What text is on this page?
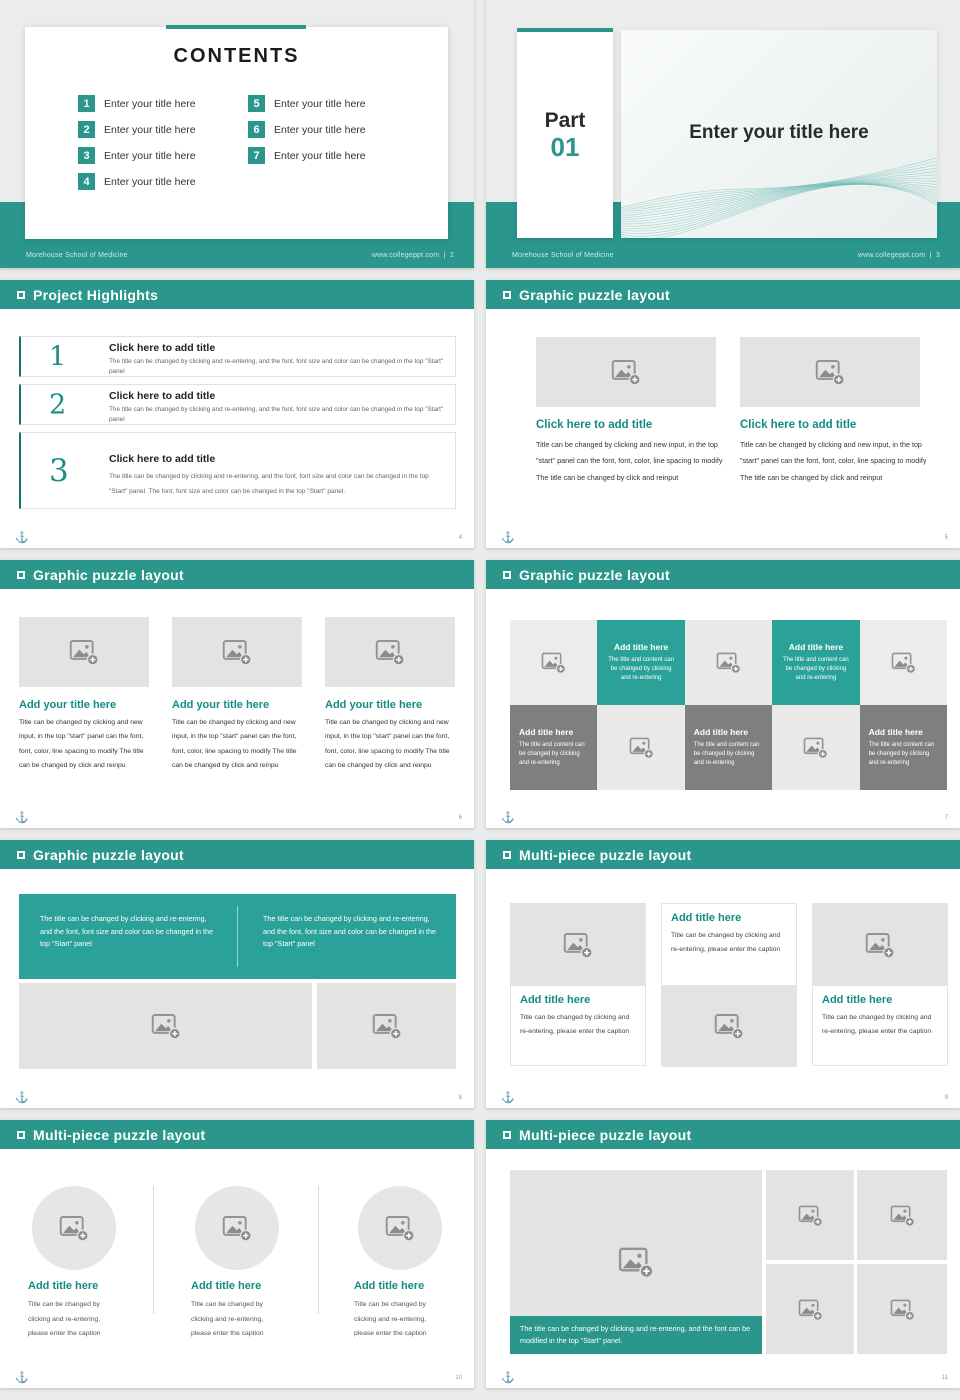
CONTENTS
1	Enter your title here
2	Enter your title here
3	Enter your title here
4	Enter your title here
5	Enter your title here
6	Enter your title here
7	Enter your title here
Morehouse School of Medicine	www.collegeppt.com | 2
Part
01	Enter your title here
Morehouse School of Medicine	www.collegeppt.com | 3
Project Highlights
1	Click here to add title
The title can be changed by clicking and re-entering, and the font, font size and color can be changed in the top "Start" panel
2	Click here to add title
The title can be changed by clicking and re-entering, and the font, font size and color can be changed in the top "Start" panel
3	Click here to add title
The title can be changed by clicking and re-entering, and the font, font size and color can be changed in the top "Start" panel. The font, font size and color can be changed in the top "Start" panel.
⚓	4
Graphic puzzle layout
Click here to add title	Click here to add title
Title can be changed by clicking and new input, in the top "start" panel can the font, font, color, line spacing to modify The title can be changed by click and reinput
Title can be changed by clicking and new input, in the top "start" panel can the font, font, color, line spacing to modify The title can be changed by click and reinput
⚓	5
Graphic puzzle layout
Add your title here	Add your title here	Add your title here
Title can be changed by clicking and new input, in the top "start" panel can the font, font, color, line spacing to modify The title can be changed by click and reinpu
Title can be changed by clicking and new input, in the top "start" panel can the font, font, color, line spacing to modify The title can be changed by click and reinpu
Title can be changed by clicking and new input, in the top "start" panel can the font, font, color, line spacing to modify The title can be changed by click and reinpu
⚓	6
Graphic puzzle layout
Add title here
The title and content can be changed by clicking and re-entering
Add title here
The title and content can be changed by clicking and re-entering
Add title here
The title and content can be changed by clicking and re-entering
Add title here
The title and content can be changed by clicking and re-entering
Add title here
The title and content can be changed by clicking and re-entering
⚓	7
Graphic puzzle layout
The title can be changed by clicking and re-entering, and the font, font size and color can be changed in the top "Start" panel
The title can be changed by clicking and re-entering, and the font, font size and color can be changed in the top "Start" panel
⚓	8
Multi-piece puzzle layout
Add title here
Title can be changed by clicking and re-entering, please enter the caption
Add title here
Title can be changed by clicking and re-entering, please enter the caption
Add title here
Title can be changed by clicking and re-entering, please enter the caption
⚓	9
Multi-piece puzzle layout
Add title here	Add title here	Add title here
Title can be changed by clicking and re-entering, please enter the caption
Title can be changed by clicking and re-entering, please enter the caption
Title can be changed by clicking and re-entering, please enter the caption
⚓	10
Multi-piece puzzle layout
The title can be changed by clicking and re-entering, and the font can be modified in the top "Start" panel.
⚓	11
